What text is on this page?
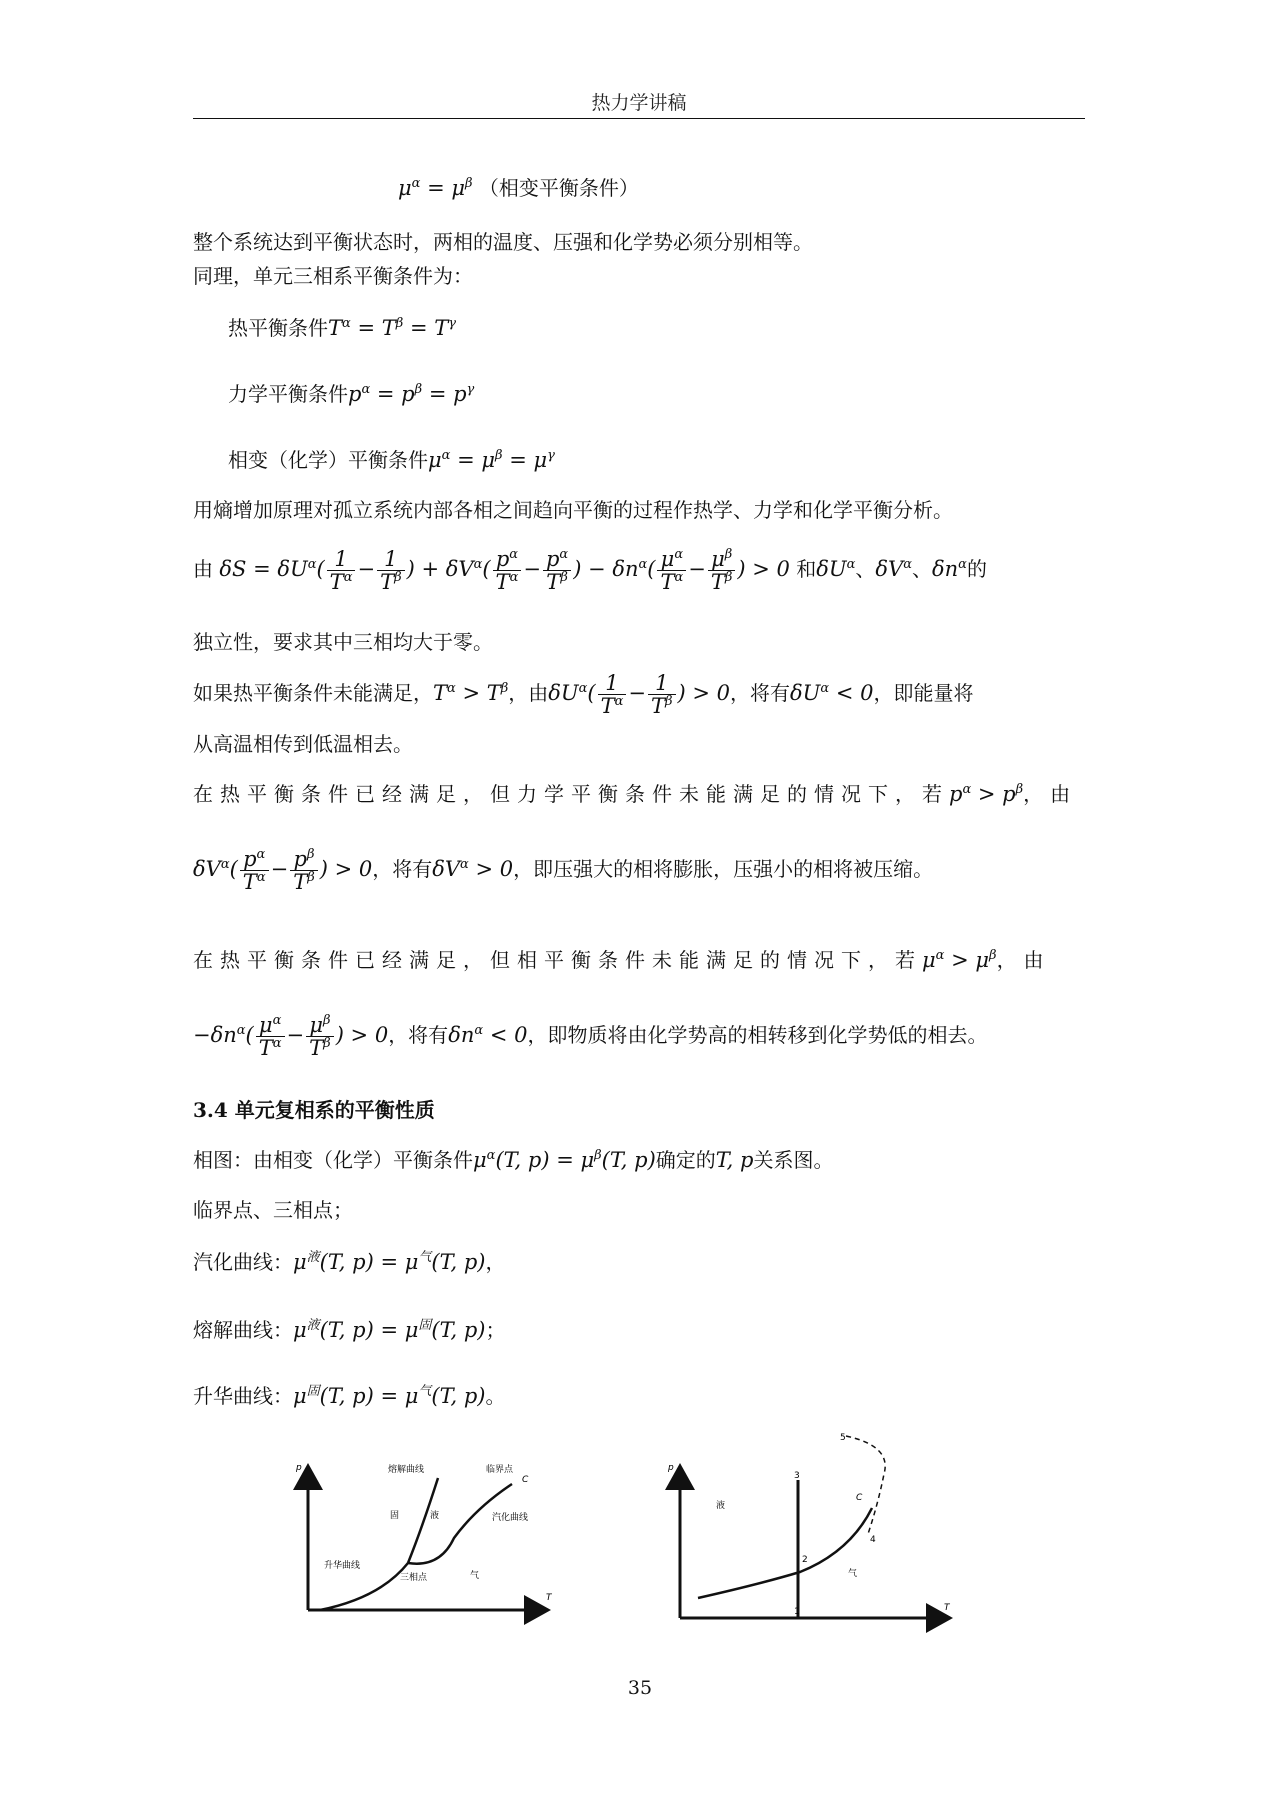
热力学讲稿
$\mu^\alpha = \mu^\beta$ （相变平衡条件）
整个系统达到平衡状态时，两相的温度、压强和化学势必须分别相等。
同理，单元三相系平衡条件为：
热平衡条件$T^\alpha = T^\beta = T^\gamma$
力学平衡条件$p^\alpha = p^\beta = p^\gamma$
相变（化学）平衡条件$\mu^\alpha = \mu^\beta = \mu^\gamma$
用熵增加原理对孤立系统内部各相之间趋向平衡的过程作热学、力学和化学平衡分析。
由 $\delta S = \delta U^\alpha( \frac{1}{T^\alpha} - \frac{1}{T^\beta}$ ) + $\delta V^\alpha( \frac{p^\alpha}{T^\alpha} - \frac{p^\alpha}{T^\beta}$ ) − $\delta n^\alpha( \frac{\mu^\alpha}{T^\alpha} - \frac{\mu^\beta}{T^\beta}$ ) > 0 和$\delta U^\alpha$、$\delta V^\alpha$、$\delta n^\alpha$的
独立性，要求其中三相均大于零。
如果热平衡条件未能满足，$T^\alpha > T^\beta$，由$\delta U^\alpha( \frac{1}{T^\alpha} - \frac{1}{T^\beta}$ ) > 0，将有$\delta U^\alpha < 0$，即能量将
从高温相传到低温相去。
在热平衡条件已经满足，但力学平衡条件未能满足的情况下，若$p^\alpha > p^\beta$，由
$\delta V^\alpha( \frac{p^\alpha}{T^\alpha} - \frac{p^\beta}{T^\beta}$ ) > 0，将有$\delta V^\alpha > 0$，即压强大的相将膨胀，压强小的相将被压缩。
在热平衡条件已经满足，但相平衡条件未能满足的情况下，若$\mu^\alpha > \mu^\beta$，由
$-\delta n^\alpha( \frac{\mu^\alpha}{T^\alpha} - \frac{\mu^\beta}{T^\beta}$ ) > 0，将有$\delta n^\alpha < 0$，即物质将由化学势高的相转移到化学势低的相去。
3.4 单元复相系的平衡性质
相图：由相变（化学）平衡条件$\mu^\alpha(T$, $p) = \mu^\beta(T$, p)确定的T, p关系图。
临界点、三相点；
汽化曲线：$\mu^液(T$, $p) = \mu^气(T$, p)，
熔解曲线：$\mu^液(T$, $p) = \mu^固(T$, p)；
升华曲线：$\mu^固(T$, $p) = \mu^气(T$, p)。
p
T
熔解曲线	临界点
C
固	液	汽化曲线
升华曲线
三相点	气
p
T
液
气
C
1
2
3
4
5
35
